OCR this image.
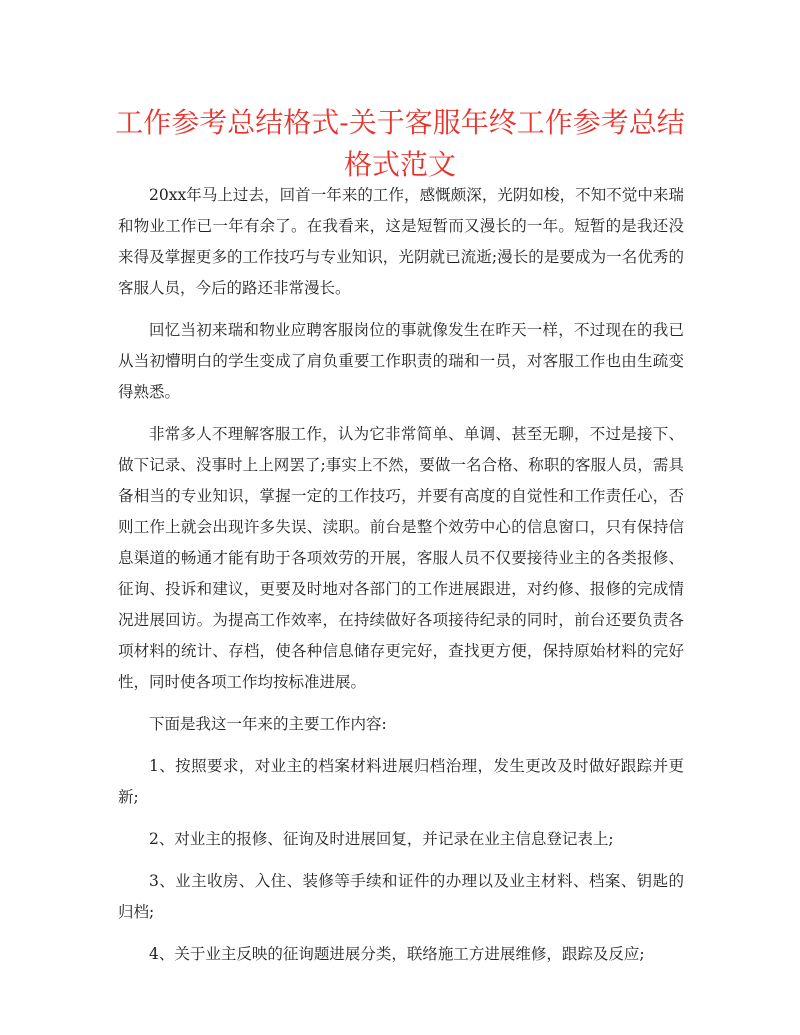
工作参考总结格式-关于客服年终工作参考总结格式范文

20xx年马上过去，回首一年来的工作，感慨颇深，光阴如梭，不知不觉中来瑞和物业工作已一年有余了。在我看来，这是短暂而又漫长的一年。短暂的是我还没来得及掌握更多的工作技巧与专业知识，光阴就已流逝;漫长的是要成为一名优秀的客服人员，今后的路还非常漫长。

回忆当初来瑞和物业应聘客服岗位的事就像发生在昨天一样，不过现在的我已从当初懵明白的学生变成了肩负重要工作职责的瑞和一员，对客服工作也由生疏变得熟悉。

非常多人不理解客服工作，认为它非常简单、单调、甚至无聊，不过是接下、做下记录、没事时上上网罢了;事实上不然，要做一名合格、称职的客服人员，需具备相当的专业知识，掌握一定的工作技巧，并要有高度的自觉性和工作责任心，否则工作上就会出现许多失误、渎职。前台是整个效劳中心的信息窗口，只有保持信息渠道的畅通才能有助于各项效劳的开展，客服人员不仅要接待业主的各类报修、征询、投诉和建议，更要及时地对各部门的工作进展跟进，对约修、报修的完成情况进展回访。为提高工作效率，在持续做好各项接待纪录的同时，前台还要负责各项材料的统计、存档，使各种信息储存更完好，查找更方便，保持原始材料的完好性，同时使各项工作均按标准进展。

下面是我这一年来的主要工作内容:

1、按照要求，对业主的档案材料进展归档治理，发生更改及时做好跟踪并更新;

2、对业主的报修、征询及时进展回复，并记录在业主信息登记表上;

3、业主收房、入住、装修等手续和证件的办理以及业主材料、档案、钥匙的归档;

4、关于业主反映的征询题进展分类，联络施工方进展维修，跟踪及反应;
